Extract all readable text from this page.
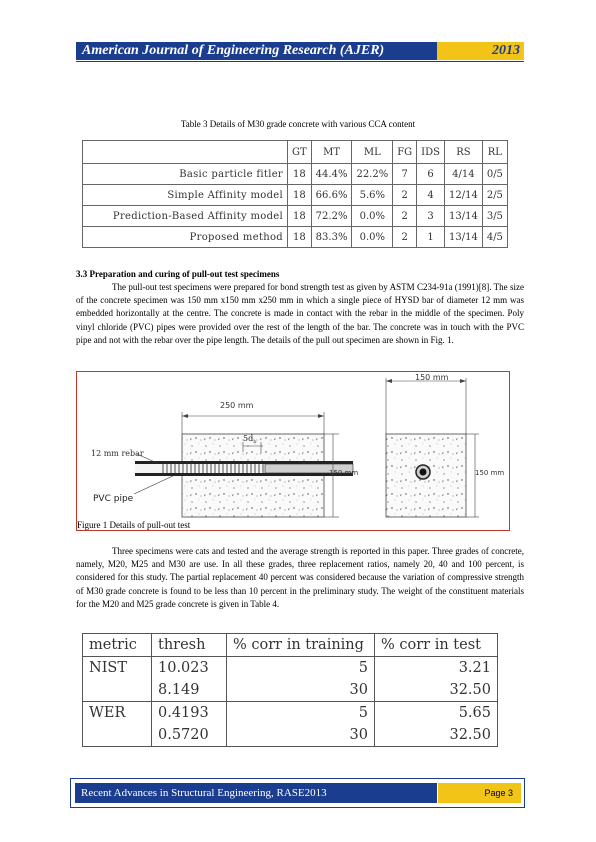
American Journal of Engineering Research (AJER)	2013
Table 3 Details of M30 grade concrete with various CCA content
	GT	MT	ML	FG	IDS	RS	RL
Basic particle fitler	18	44.4%	22.2%	7	6	4/14	0/5
Simple Affinity model	18	66.6%	5.6%	2	4	12/14	2/5
Prediction-Based Affinity model	18	72.2%	0.0%	2	3	13/14	3/5
Proposed method	18	83.3%	0.0%	2	1	13/14	4/5
3.3 Preparation and curing of pull-out test specimens

The pull-out test specimens were prepared for bond strength test as given by ASTM C234-91a (1991)[8]. The size of the concrete specimen was 150 mm x150 mm x250 mm in which a single piece of HYSD bar of diameter 12 mm was embedded horizontally at the centre. The concrete is made in contact with the rebar in the middle of the specimen. Poly vinyl chloride (PVC) pipes were provided over the rest of the length of the bar. The concrete was in touch with the PVC pipe and not with the rebar over the pipe length. The details of the pull out specimen are shown in Fig. 1.

250 mm
$5d_b$
12 mm rebar
PVC pipe
150 mm
150 mm
150 mm
Figure 1 Details of pull-out test

Three specimens were cats and tested and the average strength is reported in this paper. Three grades of concrete, namely, M20, M25 and M30 are use. In all these grades, three replacement ratios, namely 20, 40 and 100 percent, is considered for this study. The partial replacement 40 percent was considered because the variation of compressive strength of M30 grade concrete is found to be less than 10 percent in the preliminary study. The weight of the constituent materials for the M20 and M25 grade concrete is given in Table 4.

metric	thresh	% corr in training	% corr in test
NIST	10.023	5	3.21
	8.149	30	32.50
WER	0.4193	5	5.65
	0.5720	30	32.50
Recent Advances in Structural Engineering, RASE2013	Page 3
